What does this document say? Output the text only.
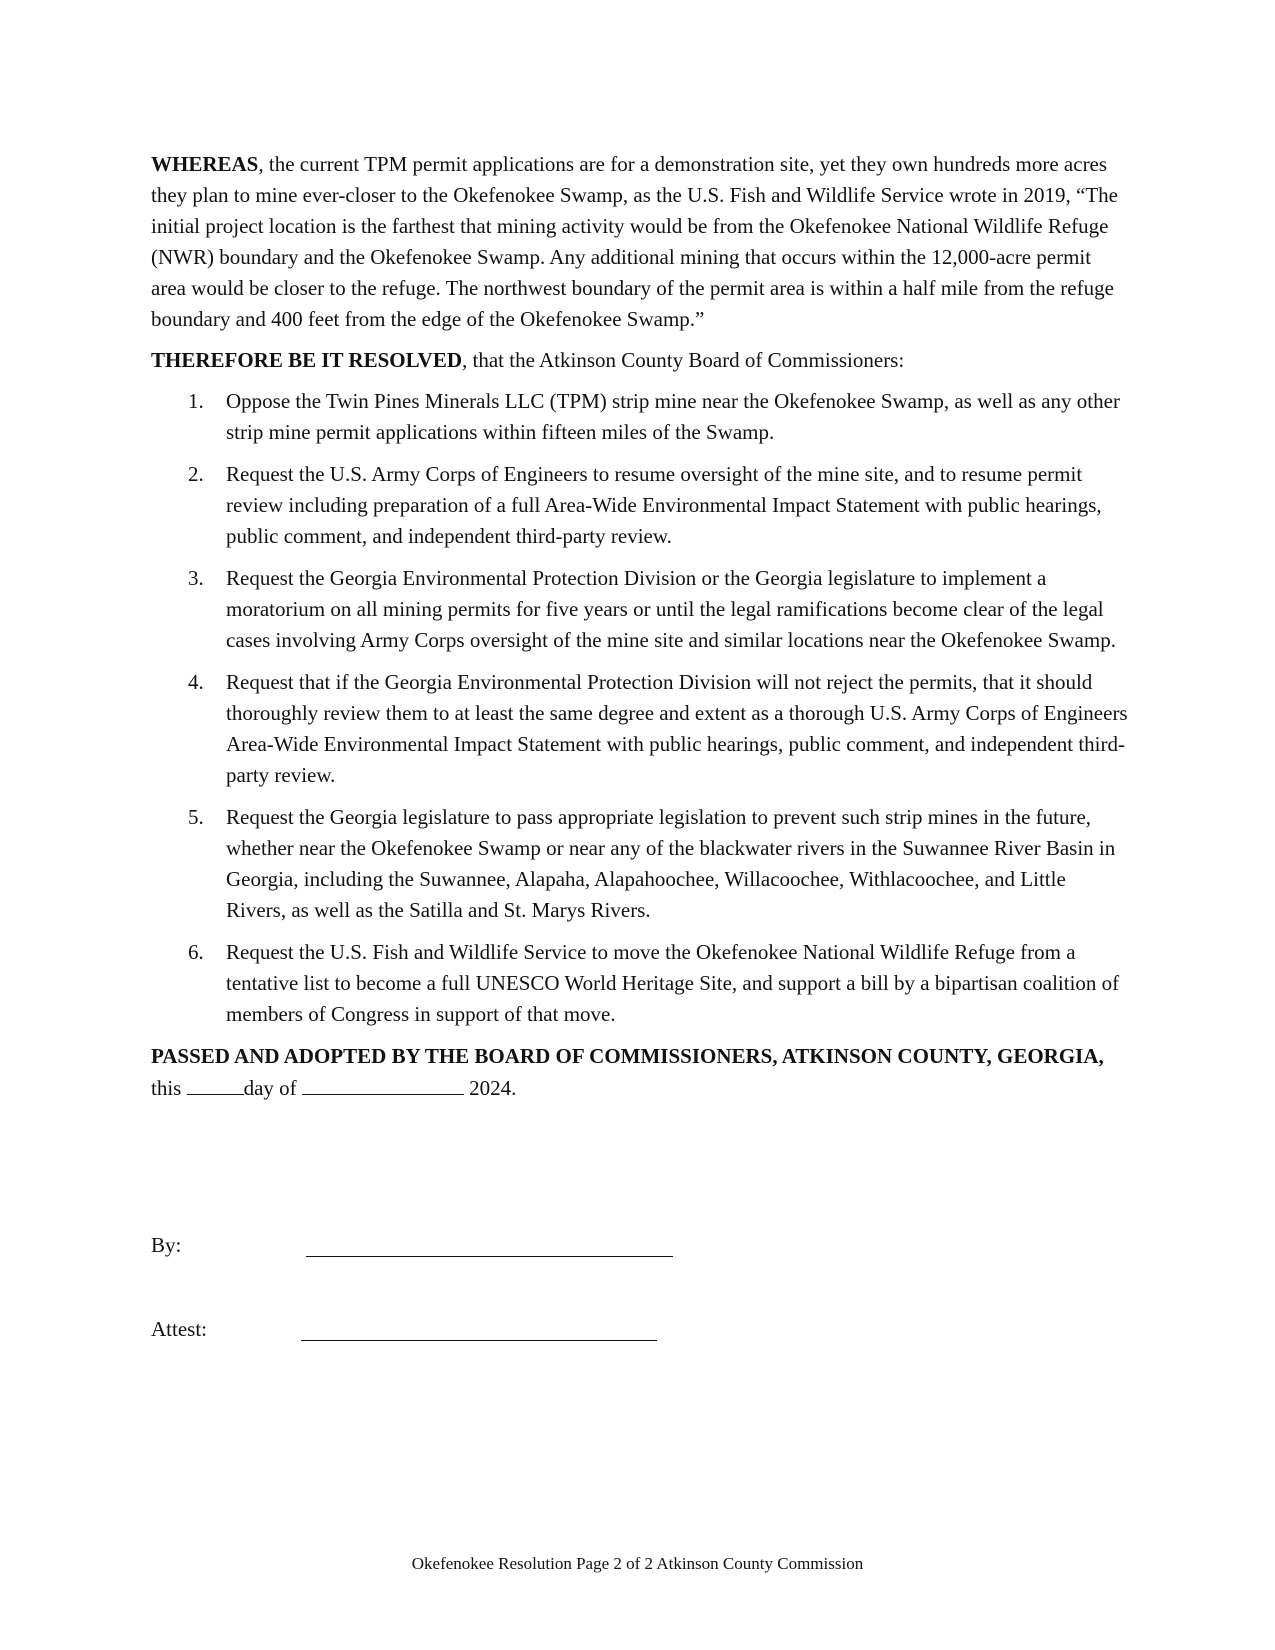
WHEREAS, the current TPM permit applications are for a demonstration site, yet they own hundreds more acres they plan to mine ever-closer to the Okefenokee Swamp, as the U.S. Fish and Wildlife Service wrote in 2019, “The initial project location is the farthest that mining activity would be from the Okefenokee National Wildlife Refuge (NWR) boundary and the Okefenokee Swamp. Any additional mining that occurs within the 12,000-acre permit area would be closer to the refuge. The northwest boundary of the permit area is within a half mile from the refuge boundary and 400 feet from the edge of the Okefenokee Swamp.”

THEREFORE BE IT RESOLVED, that the Atkinson County Board of Commissioners:

1. Oppose the Twin Pines Minerals LLC (TPM) strip mine near the Okefenokee Swamp, as well as any other strip mine permit applications within fifteen miles of the Swamp.
2. Request the U.S. Army Corps of Engineers to resume oversight of the mine site, and to resume permit review including preparation of a full Area-Wide Environmental Impact Statement with public hearings, public comment, and independent third-party review.
3. Request the Georgia Environmental Protection Division or the Georgia legislature to implement a moratorium on all mining permits for five years or until the legal ramifications become clear of the legal cases involving Army Corps oversight of the mine site and similar locations near the Okefenokee Swamp.
4. Request that if the Georgia Environmental Protection Division will not reject the permits, that it should thoroughly review them to at least the same degree and extent as a thorough U.S. Army Corps of Engineers Area-Wide Environmental Impact Statement with public hearings, public comment, and independent third-party review.
5. Request the Georgia legislature to pass appropriate legislation to prevent such strip mines in the future, whether near the Okefenokee Swamp or near any of the blackwater rivers in the Suwannee River Basin in Georgia, including the Suwannee, Alapaha, Alapahoochee, Willacoochee, Withlacoochee, and Little Rivers, as well as the Satilla and St. Marys Rivers.
6. Request the U.S. Fish and Wildlife Service to move the Okefenokee National Wildlife Refuge from a tentative list to become a full UNESCO World Heritage Site, and support a bill by a bipartisan coalition of members of Congress in support of that move.

PASSED AND ADOPTED BY THE BOARD OF COMMISSIONERS, ATKINSON COUNTY, GEORGIA, this	day of	2024.

By:
Attest:
Okefenokee Resolution Page 2 of 2 Atkinson County Commission
